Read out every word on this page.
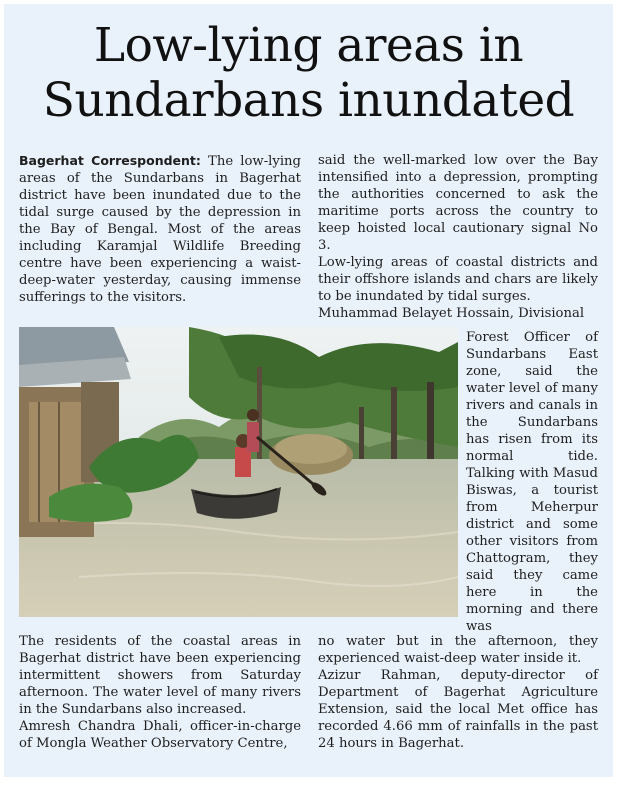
Low-lying areas in
Sundarbans inundated

Bagerhat Correspondent: The low-lying areas of the Sundarbans in Bagerhat district have been inundated due to the tidal surge caused by the depression in the Bay of Bengal. Most of the areas including Karamjal Wildlife Breeding centre have been experiencing a waist-deep-water yesterday, causing immense sufferings to the visitors.

said the well-marked low over the Bay intensified into a depression, prompting the authorities concerned to ask the maritime ports across the country to keep hoisted local cautionary signal No 3.

Low-lying areas of coastal districts and their offshore islands and chars are likely to be inundated by tidal surges.

Muhammad Belayet Hossain, Divisional

Forest Officer of Sundarbans East zone, said the water level of many rivers and canals in the Sundarbans has risen from its normal tide. Talking with Masud Biswas, a tourist from Meherpur district and some other visitors from Chattogram, they said they came here in the morning and there was

The residents of the coastal areas in Bagerhat district have been experiencing intermittent showers from Saturday afternoon. The water level of many rivers in the Sundarbans also increased.

Amresh Chandra Dhali, officer-in-charge of Mongla Weather Observatory Centre,

no water but in the afternoon, they experienced waist-deep water inside it.

Azizur Rahman, deputy-director of Department of Bagerhat Agriculture Extension, said the local Met office has recorded 4.66 mm of rainfalls in the past 24 hours in Bagerhat.
